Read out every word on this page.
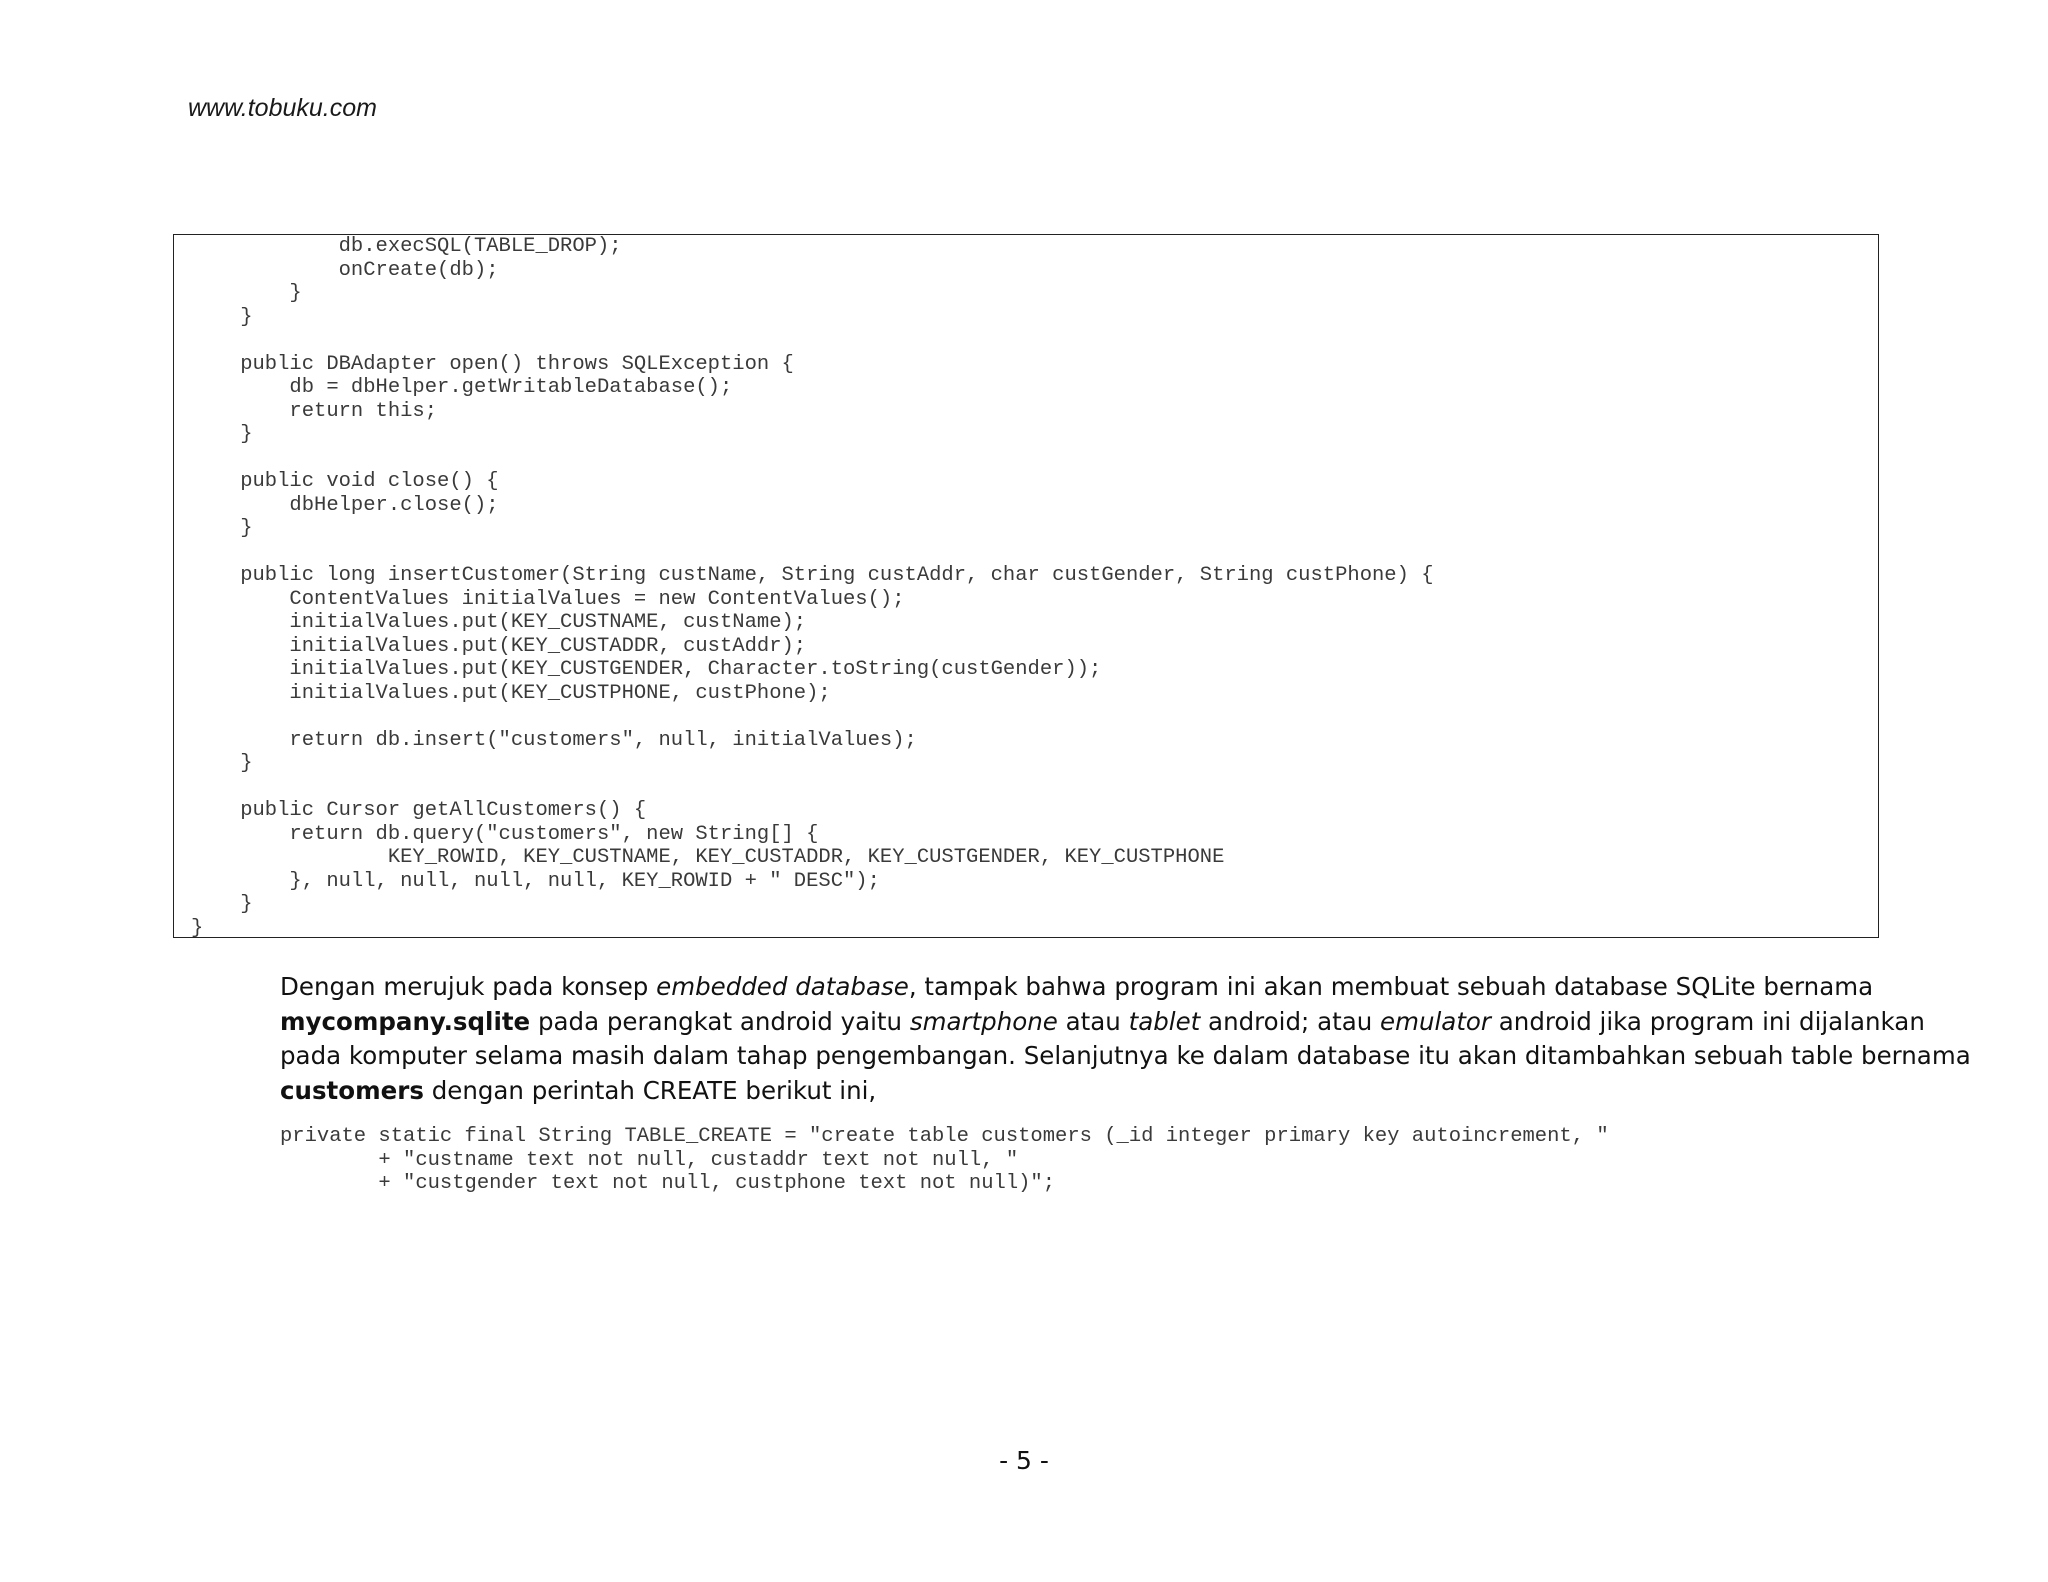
www.tobuku.com
db.execSQL(TABLE_DROP);
onCreate(db);
}
}
public DBAdapter open() throws SQLException {
db = dbHelper.getWritableDatabase();
return this;
}
public void close() {
dbHelper.close();
}
public long insertCustomer(String custName, String custAddr, char custGender, String custPhone) {
ContentValues initialValues = new ContentValues();
initialValues.put(KEY_CUSTNAME, custName);
initialValues.put(KEY_CUSTADDR, custAddr);
initialValues.put(KEY_CUSTGENDER, Character.toString(custGender));
initialValues.put(KEY_CUSTPHONE, custPhone);
return db.insert("customers", null, initialValues);
}
public Cursor getAllCustomers() {
return db.query("customers", new String[] {
KEY_ROWID, KEY_CUSTNAME, KEY_CUSTADDR, KEY_CUSTGENDER, KEY_CUSTPHONE
}, null, null, null, null, KEY_ROWID + " DESC");
}
}
Dengan merujuk pada konsep embedded database, tampak bahwa program ini akan membuat sebuah database SQLite bernama
mycompany.sqlite pada perangkat android yaitu smartphone atau tablet android; atau emulator android jika program ini dijalankan
pada komputer selama masih dalam tahap pengembangan. Selanjutnya ke dalam database itu akan ditambahkan sebuah table bernama
customers dengan perintah CREATE berikut ini,
private static final String TABLE_CREATE = "create table customers (_id integer primary key autoincrement, "
+ "custname text not null, custaddr text not null, "
+ "custgender text not null, custphone text not null)";
- 5 -
